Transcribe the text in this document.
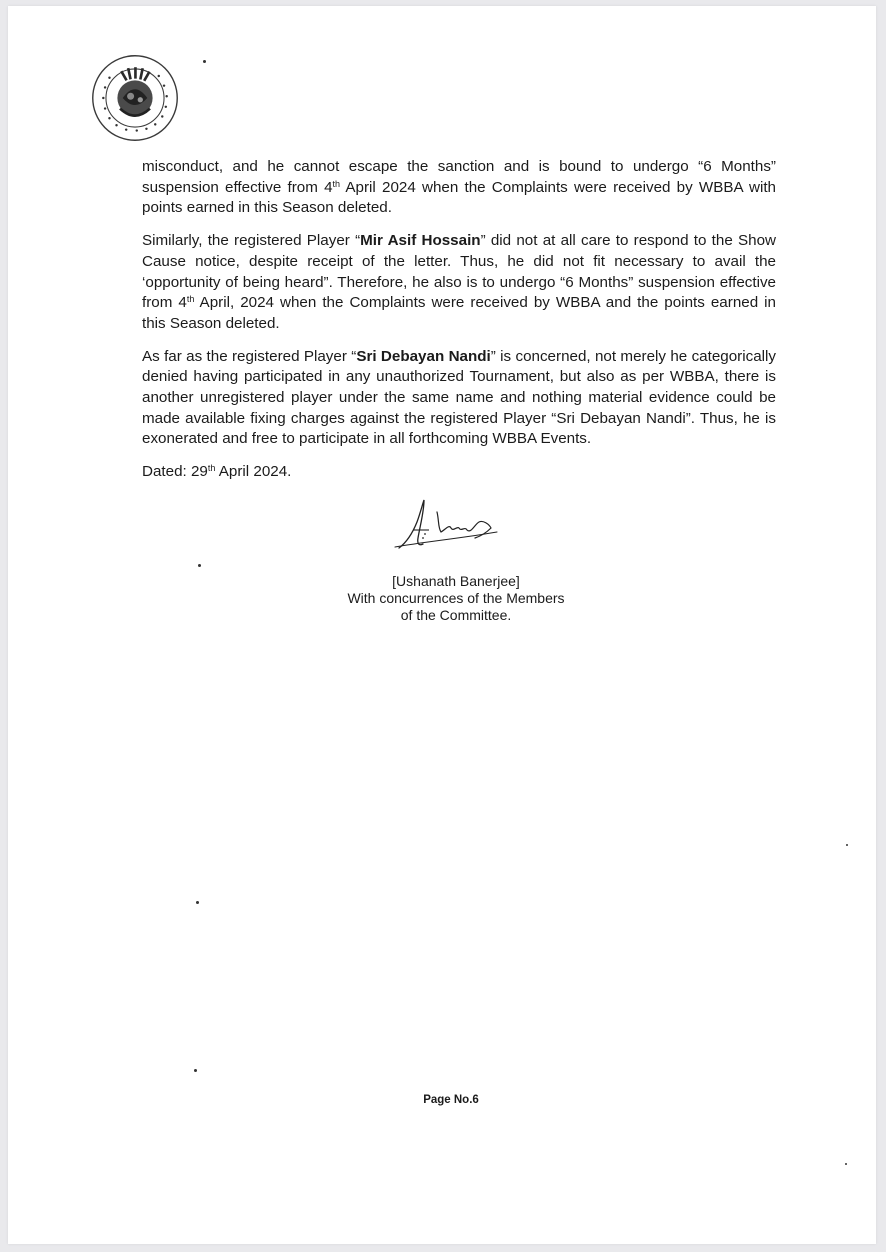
misconduct, and he cannot escape the sanction and is bound to undergo “6 Months” suspension effective from 4th April 2024 when the Complaints were received by WBBA with points earned in this Season deleted.

Similarly, the registered Player “Mir Asif Hossain” did not at all care to respond to the Show Cause notice, despite receipt of the letter. Thus, he did not fit necessary to avail the ‘opportunity of being heard”. Therefore, he also is to undergo “6 Months” suspension effective from 4th April, 2024 when the Complaints were received by WBBA and the points earned in this Season deleted.

As far as the registered Player “Sri Debayan Nandi” is concerned, not merely he categorically denied having participated in any unauthorized Tournament, but also as per WBBA, there is another unregistered player under the same name and nothing material evidence could be made available fixing charges against the registered Player “Sri Debayan Nandi”. Thus, he is exonerated and free to participate in all forthcoming WBBA Events.

Dated: 29th April 2024.

[Ushanath Banerjee]
With concurrences of the Members
of the Committee.
Page No.6
